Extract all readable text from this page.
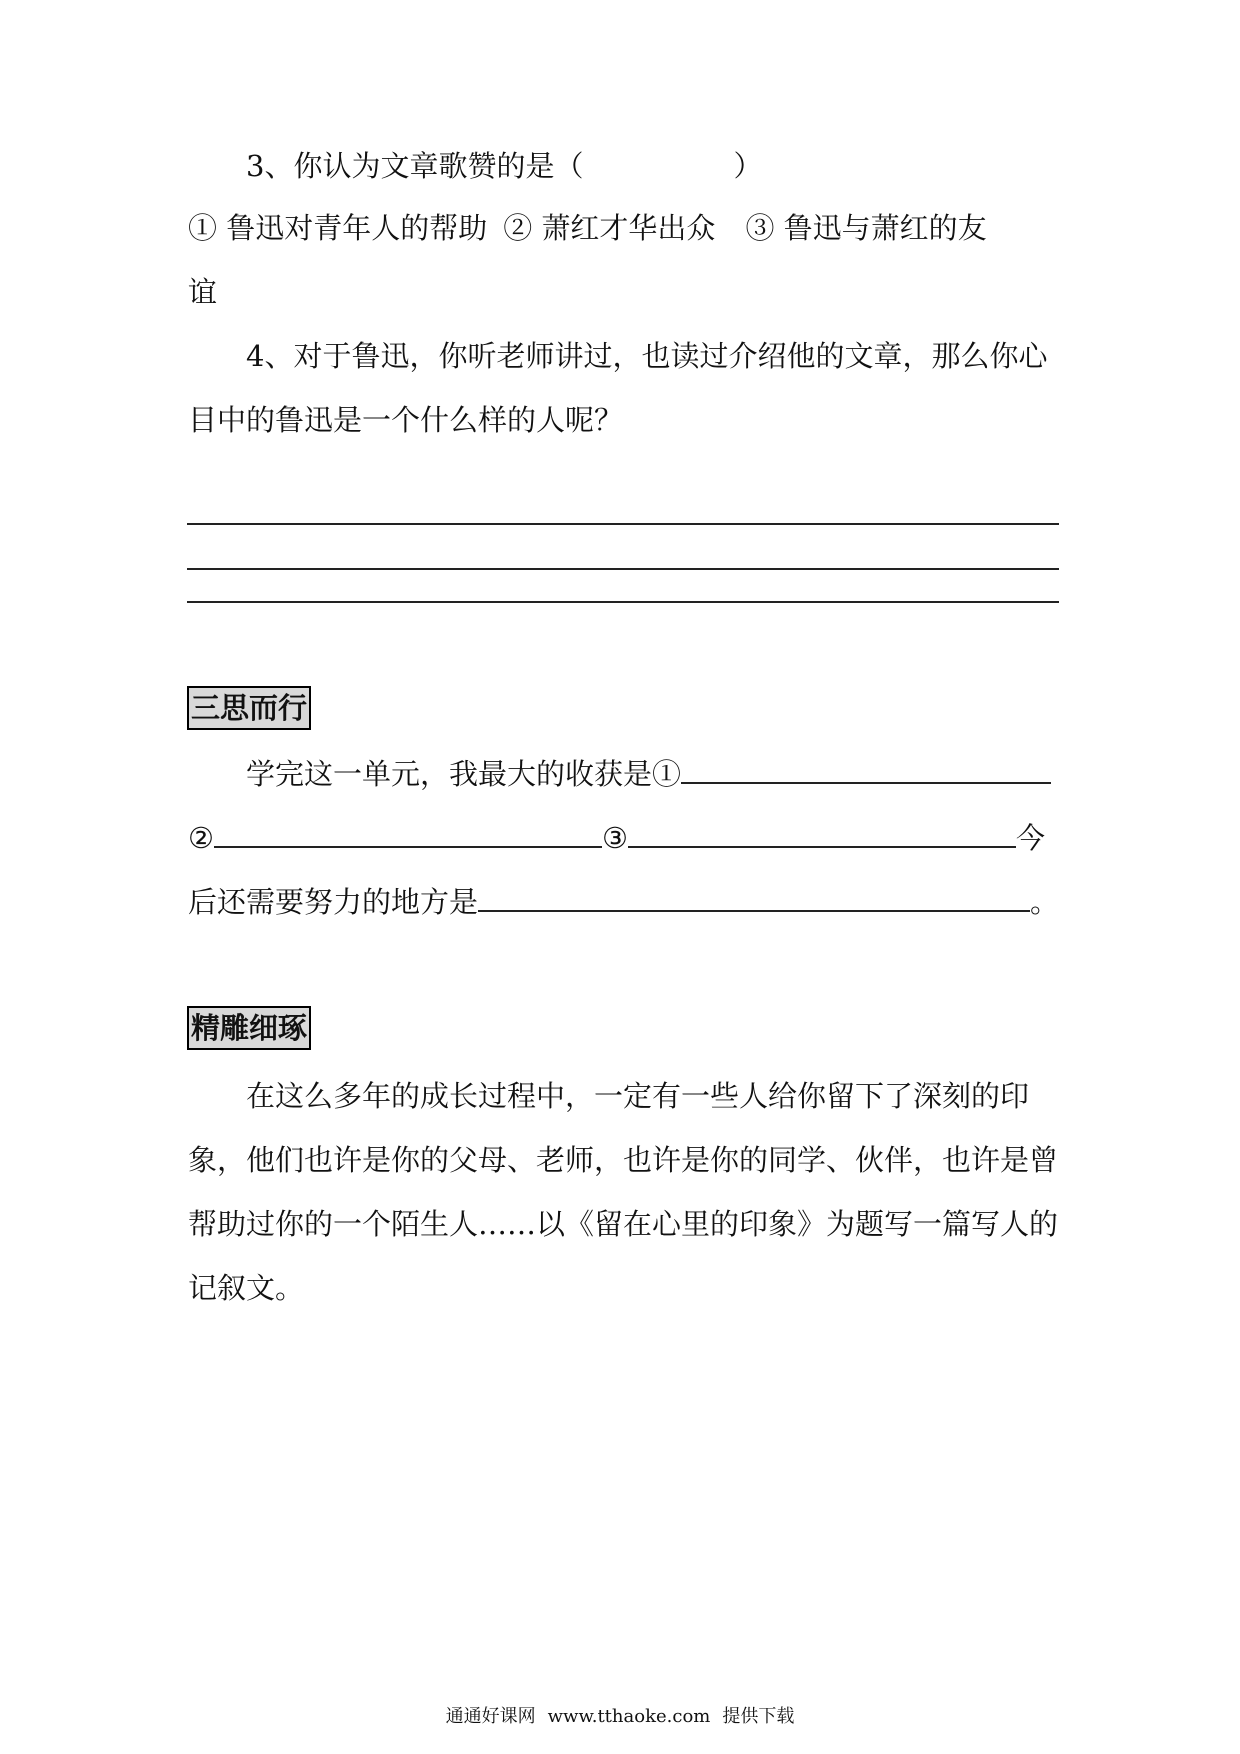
3、你认为文章歌赞的是（	）
① 鲁迅对青年人的帮助 ② 萧红才华出众 ③ 鲁迅与萧红的友
谊
4、对于鲁迅，你听老师讲过，也读过介绍他的文章，那么你心
目中的鲁迅是一个什么样的人呢？
三思而行
学完这一单元，我最大的收获是①
②	③	今
后还需要努力的地方是	。
精雕细琢
在这么多年的成长过程中，一定有一些人给你留下了深刻的印
象，他们也许是你的父母、老师，也许是你的同学、伙伴，也许是曾
帮助过你的一个陌生人……以《留在心里的印象》为题写一篇写人的
记叙文。
通通好课网 www.tthaoke.com 提供下载
